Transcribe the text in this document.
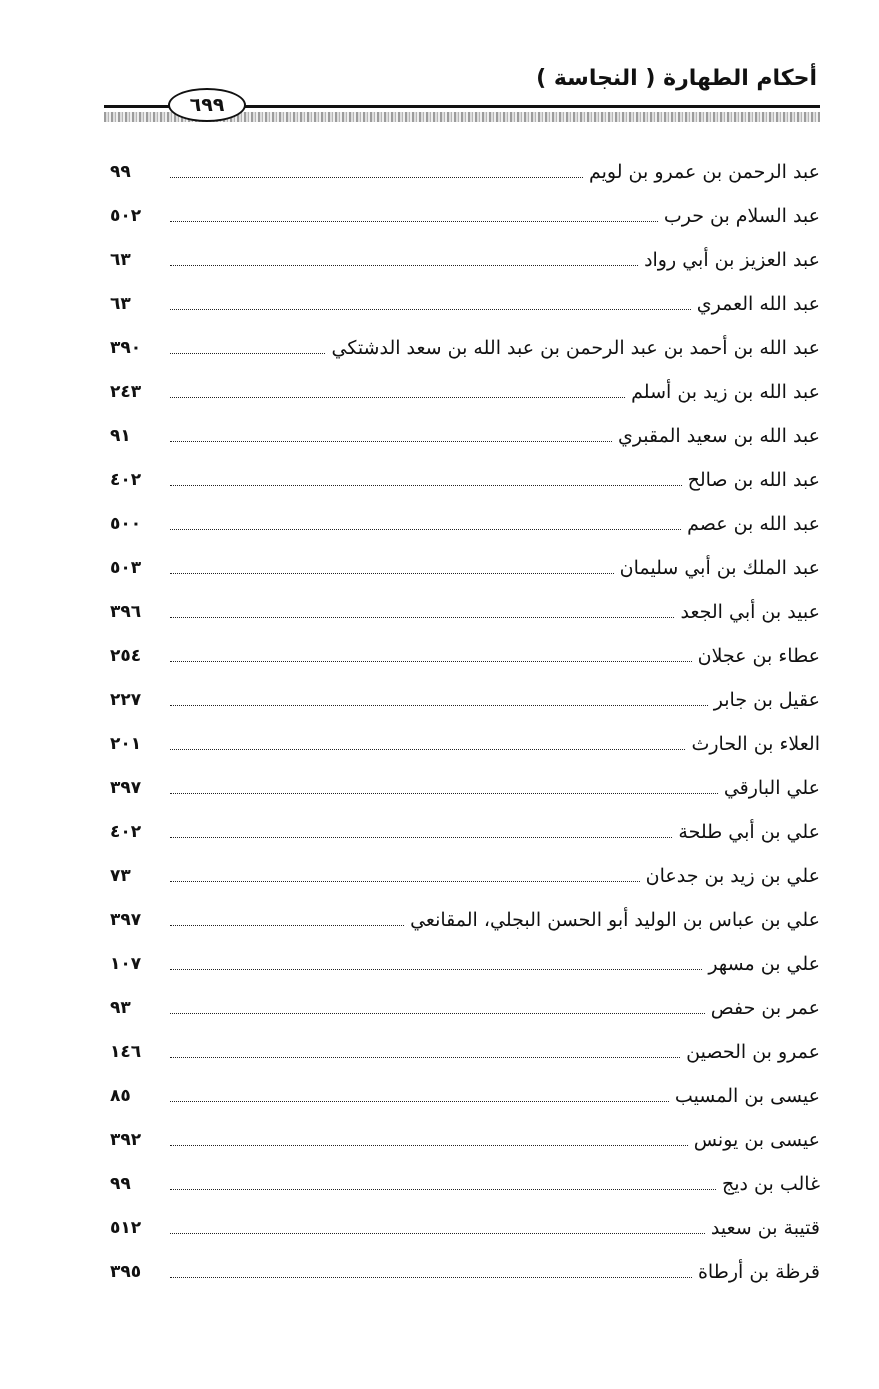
أحكام الطهارة ( النجاسة )
٦٩٩
عبد الرحمن بن عمرو بن لويم
٩٩
عبد السلام بن حرب
٥٠٢
عبد العزيز بن أبي رواد
٦٣
عبد الله العمري
٦٣
عبد الله بن أحمد بن عبد الرحمن بن عبد الله بن سعد الدشتكي
٣٩٠
عبد الله بن زيد بن أسلم
٢٤٣
عبد الله بن سعيد المقبري
٩١
عبد الله بن صالح
٤٠٢
عبد الله بن عصم
٥٠٠
عبد الملك بن أبي سليمان
٥٠٣
عبيد بن أبي الجعد
٣٩٦
عطاء بن عجلان
٢٥٤
عقيل بن جابر
٢٢٧
العلاء بن الحارث
٢٠١
علي البارقي
٣٩٧
علي بن أبي طلحة
٤٠٢
علي بن زيد بن جدعان
٧٣
علي بن عباس بن الوليد أبو الحسن البجلي، المقانعي
٣٩٧
علي بن مسهر
١٠٧
عمر بن حفص
٩٣
عمرو بن الحصين
١٤٦
عيسى بن المسيب
٨٥
عيسى بن يونس
٣٩٢
غالب بن ديج
٩٩
قتيبة بن سعيد
٥١٢
قرظة بن أرطاة
٣٩٥
